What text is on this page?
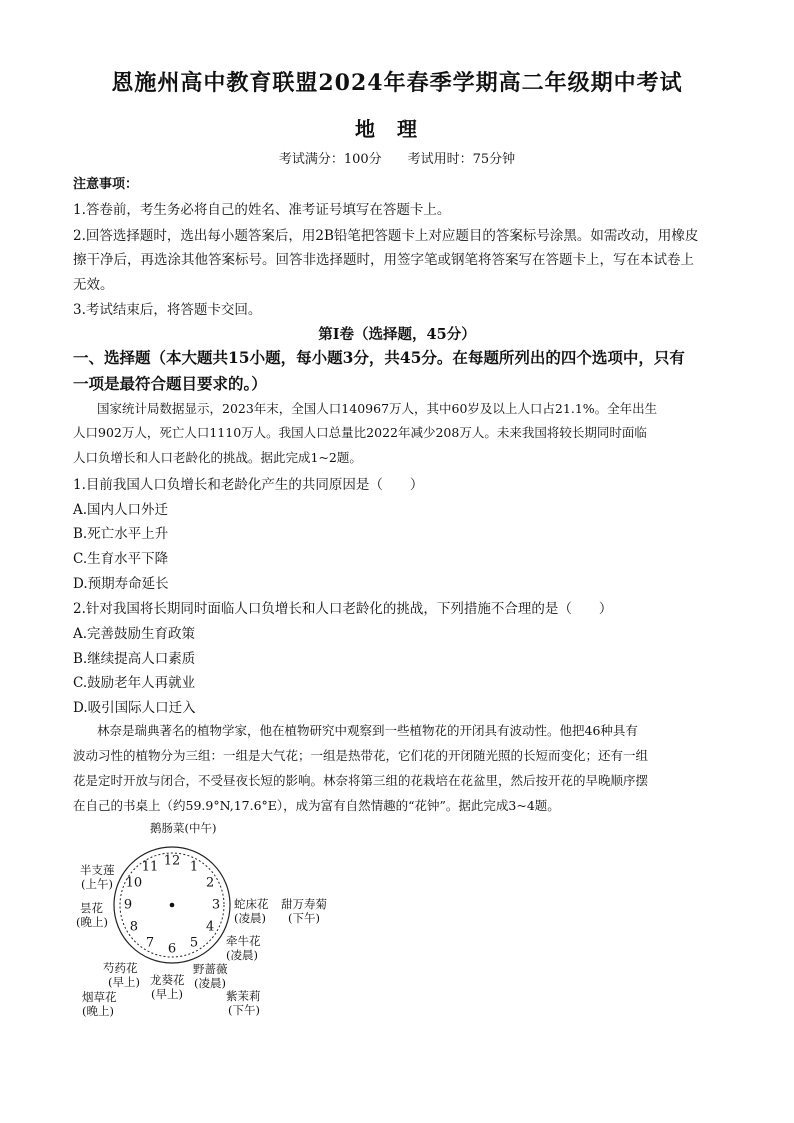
恩施州高中教育联盟2024年春季学期高二年级期中考试
地理
考试满分：100分　　考试用时：75分钟
注意事项：
1.答卷前，考生务必将自己的姓名、准考证号填写在答题卡上。
2.回答选择题时，选出每小题答案后，用2B铅笔把答题卡上对应题目的答案标号涂黑。如需改动，用橡皮
擦干净后，再选涂其他答案标号。回答非选择题时，用签字笔或钢笔将答案写在答题卡上，写在本试卷上
无效。
3.考试结束后，将答题卡交回。
第Ⅰ卷（选择题，45分）
一、选择题（本大题共15小题，每小题3分，共45分。在每题所列出的四个选项中，只有
一项是最符合题目要求的。）
国家统计局数据显示，2023年末，全国人口140967万人，其中60岁及以上人口占21.1%。全年出生
人口902万人，死亡人口1110万人。我国人口总量比2022年减少208万人。未来我国将较长期同时面临
人口负增长和人口老龄化的挑战。据此完成1~2题。
1.目前我国人口负增长和老龄化产生的共同原因是（　　）
A.国内人口外迁
B.死亡水平上升
C.生育水平下降
D.预期寿命延长
2.针对我国将长期同时面临人口负增长和人口老龄化的挑战，下列措施不合理的是（　　）
A.完善鼓励生育政策
B.继续提高人口素质
C.鼓励老年人再就业
D.吸引国际人口迁入
林奈是瑞典著名的植物学家，他在植物研究中观察到一些植物花的开闭具有波动性。他把46种具有
波动习性的植物分为三组：一组是大气花；一组是热带花，它们花的开闭随光照的长短而变化；还有一组
花是定时开放与闭合，不受昼夜长短的影响。林奈将第三组的花栽培在花盆里，然后按开花的早晚顺序摆
在自己的书桌上（约59.9°N,17.6°E），成为富有自然情趣的“花钟”。据此完成3~4题。
12 1
2
3
4
5
6
7
8
9
10
11
鹅肠菜(中午)
半支莲
(上午)
昙花
(晚上)
蛇床花
(凌晨)
甜万寿菊
(下午)
牵牛花
(凌晨)
芍药花
(早上) 龙葵花
(早上)
野蔷薇
(凌晨)
烟草花
(晚上)
紫茉莉
(下午)
